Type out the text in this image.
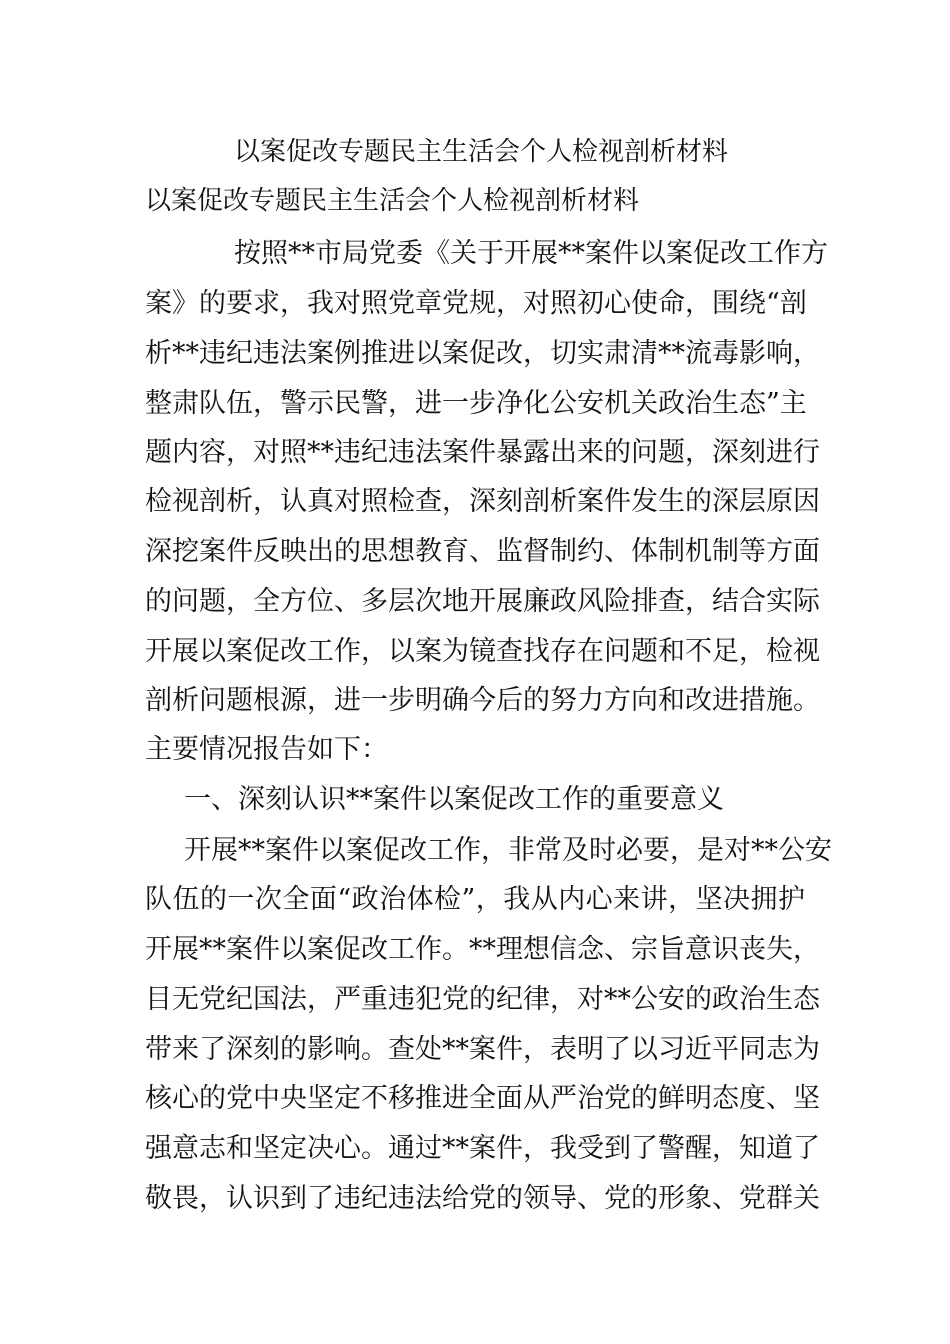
以案促改专题民主生活会个人检视剖析材料
以案促改专题民主生活会个人检视剖析材料
按照**市局党委《关于开展**案件以案促改工作方
案》的要求，我对照党章党规，对照初心使命，围绕“剖
析**违纪违法案例推进以案促改，切实肃清**流毒影响，
整肃队伍，警示民警，进一步净化公安机关政治生态”主
题内容，对照**违纪违法案件暴露出来的问题，深刻进行
检视剖析，认真对照检查，深刻剖析案件发生的深层原因
深挖案件反映出的思想教育、监督制约、体制机制等方面
的问题，全方位、多层次地开展廉政风险排查，结合实际
开展以案促改工作，以案为镜查找存在问题和不足，检视
剖析问题根源，进一步明确今后的努力方向和改进措施。
主要情况报告如下：
一、深刻认识**案件以案促改工作的重要意义
开展**案件以案促改工作，非常及时必要，是对**公安
队伍的一次全面“政治体检”，我从内心来讲，坚决拥护
开展**案件以案促改工作。**理想信念、宗旨意识丧失，
目无党纪国法，严重违犯党的纪律，对**公安的政治生态
带来了深刻的影响。查处**案件，表明了以习近平同志为
核心的党中央坚定不移推进全面从严治党的鲜明态度、坚
强意志和坚定决心。通过**案件，我受到了警醒，知道了
敬畏，认识到了违纪违法给党的领导、党的形象、党群关
